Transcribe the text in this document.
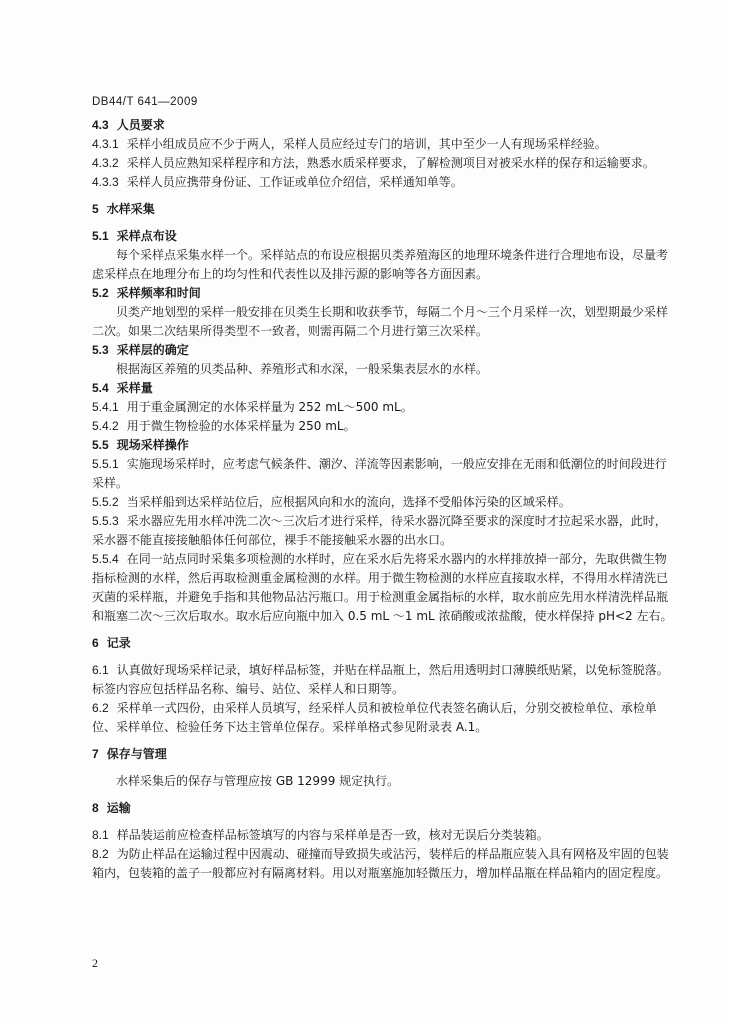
DB44/T 641—2009

4.3 人员要求

4.3.1 采样小组成员应不少于两人，采样人员应经过专门的培训，其中至少一人有现场采样经验。

4.3.2 采样人员应熟知采样程序和方法，熟悉水质采样要求，了解检测项目对被采水样的保存和运输要求。

4.3.3 采样人员应携带身份证、工作证或单位介绍信，采样通知单等。

5 水样采集

5.1 采样点布设

每个采样点采集水样一个。采样站点的布设应根据贝类养殖海区的地理环境条件进行合理地布设，尽量考虑采样点在地理分布上的均匀性和代表性以及排污源的影响等各方面因素。

5.2 采样频率和时间

贝类产地划型的采样一般安排在贝类生长期和收获季节，每隔二个月～三个月采样一次，划型期最少采样二次。如果二次结果所得类型不一致者，则需再隔二个月进行第三次采样。

5.3 采样层的确定

根据海区养殖的贝类品种、养殖形式和水深，一般采集表层水的水样。

5.4 采样量

5.4.1 用于重金属测定的水体采样量为 252 mL～500 mL。

5.4.2 用于微生物检验的水体采样量为 250 mL。

5.5 现场采样操作

5.5.1 实施现场采样时，应考虑气候条件、潮汐、洋流等因素影响，一般应安排在无雨和低潮位的时间段进行采样。

5.5.2 当采样船到达采样站位后，应根据风向和水的流向，选择不受船体污染的区域采样。

5.5.3 采水器应先用水样冲洗二次～三次后才进行采样，待采水器沉降至要求的深度时才拉起采水器，此时，采水器不能直接接触船体任何部位，裸手不能接触采水器的出水口。

5.5.4 在同一站点同时采集多项检测的水样时，应在采水后先将采水器内的水样排放掉一部分，先取供微生物指标检测的水样，然后再取检测重金属检测的水样。用于微生物检测的水样应直接取水样，不得用水样清洗已灭菌的采样瓶，并避免手指和其他物品沾污瓶口。用于检测重金属指标的水样，取水前应先用水样清洗样品瓶和瓶塞二次～三次后取水。取水后应向瓶中加入 0.5 mL ～1 mL 浓硝酸或浓盐酸，使水样保持 pH<2 左右。

6 记录

6.1 认真做好现场采样记录，填好样品标签，并贴在样品瓶上，然后用透明封口薄膜纸贴紧，以免标签脱落。标签内容应包括样品名称、编号、站位、采样人和日期等。

6.2 采样单一式四份，由采样人员填写，经采样人员和被检单位代表签名确认后，分别交被检单位、承检单位、采样单位、检验任务下达主管单位保存。采样单格式参见附录表 A.1。

7 保存与管理

水样采集后的保存与管理应按 GB 12999 规定执行。

8 运输

8.1 样品装运前应检查样品标签填写的内容与采样单是否一致，核对无误后分类装箱。

8.2 为防止样品在运输过程中因震动、碰撞而导致损失或沾污，装样后的样品瓶应装入具有网格及牢固的包装箱内，包装箱的盖子一般都应衬有隔离材料。用以对瓶塞施加轻微压力，增加样品瓶在样品箱内的固定程度。

2
